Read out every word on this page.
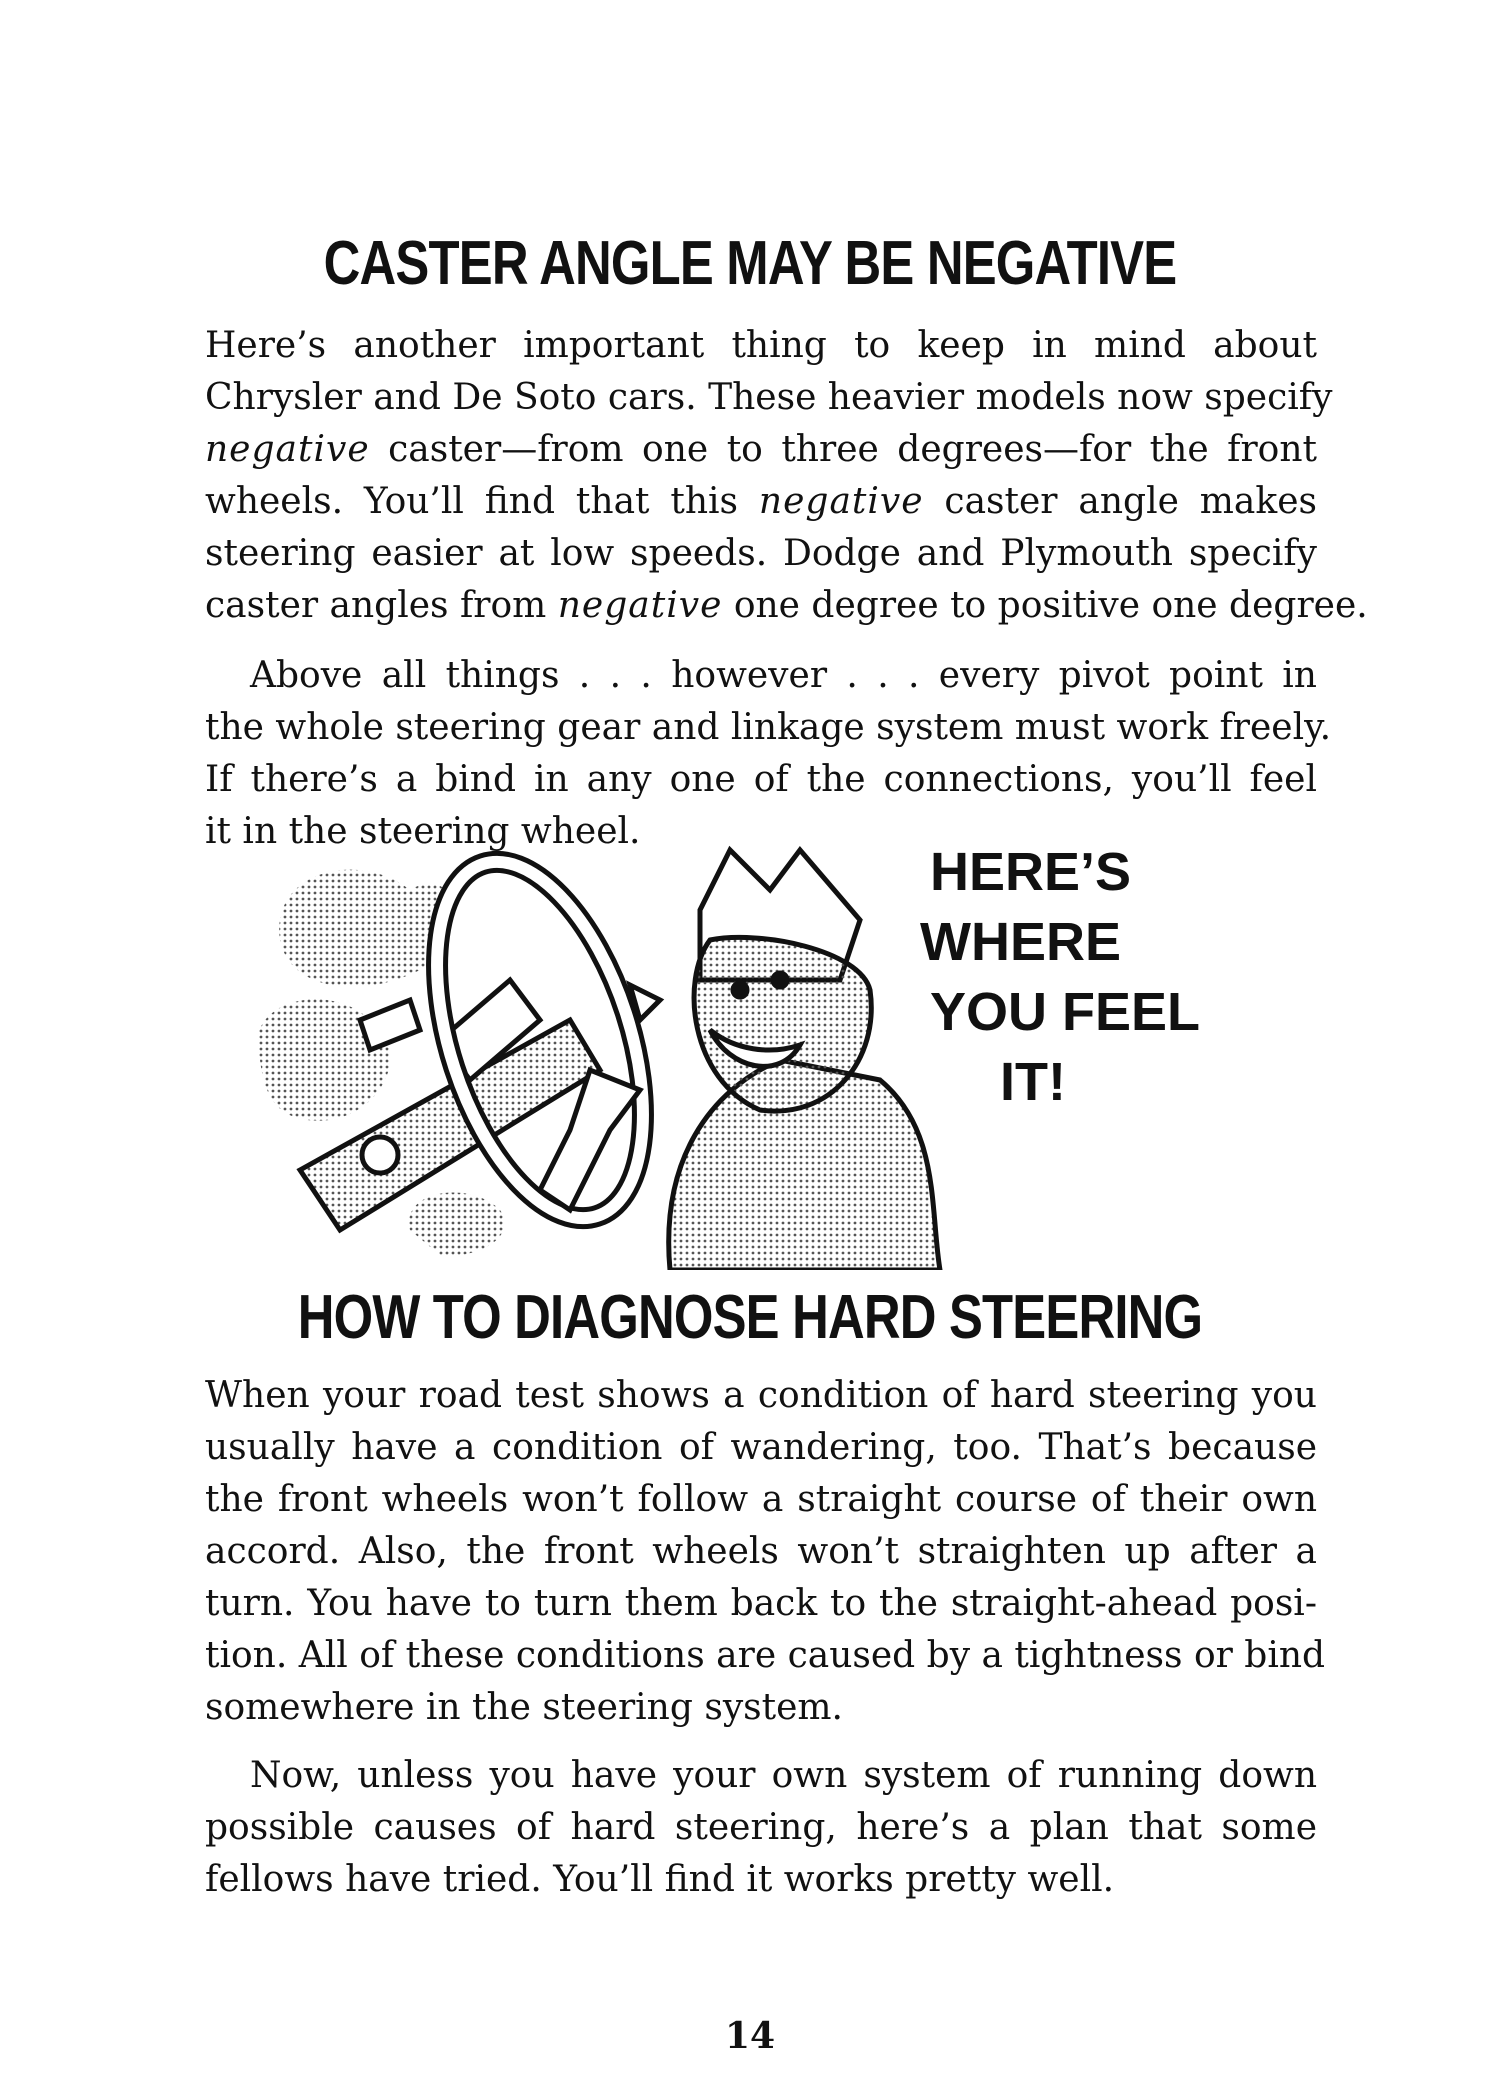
CASTER ANGLE MAY BE NEGATIVE
Here’s another important thing to keep in mind about
Chrysler and De Soto cars. These heavier models now specify
negative caster—from one to three degrees—for the front
wheels. You’ll find that this negative caster angle makes
steering easier at low speeds. Dodge and Plymouth specify
caster angles from negative one degree to positive one degree.
Above all things . . . however . . . every pivot point in
the whole steering gear and linkage system must work freely.
If there’s a bind in any one of the connections, you’ll feel
it in the steering wheel.
HERE’S
WHERE
YOU FEEL
IT!
HOW TO DIAGNOSE HARD STEERING
When your road test shows a condition of hard steering you
usually have a condition of wandering, too. That’s because
the front wheels won’t follow a straight course of their own
accord. Also, the front wheels won’t straighten up after a
turn. You have to turn them back to the straight-ahead posi-
tion. All of these conditions are caused by a tightness or bind
somewhere in the steering system.
Now, unless you have your own system of running down
possible causes of hard steering, here’s a plan that some
fellows have tried. You’ll find it works pretty well.
14
